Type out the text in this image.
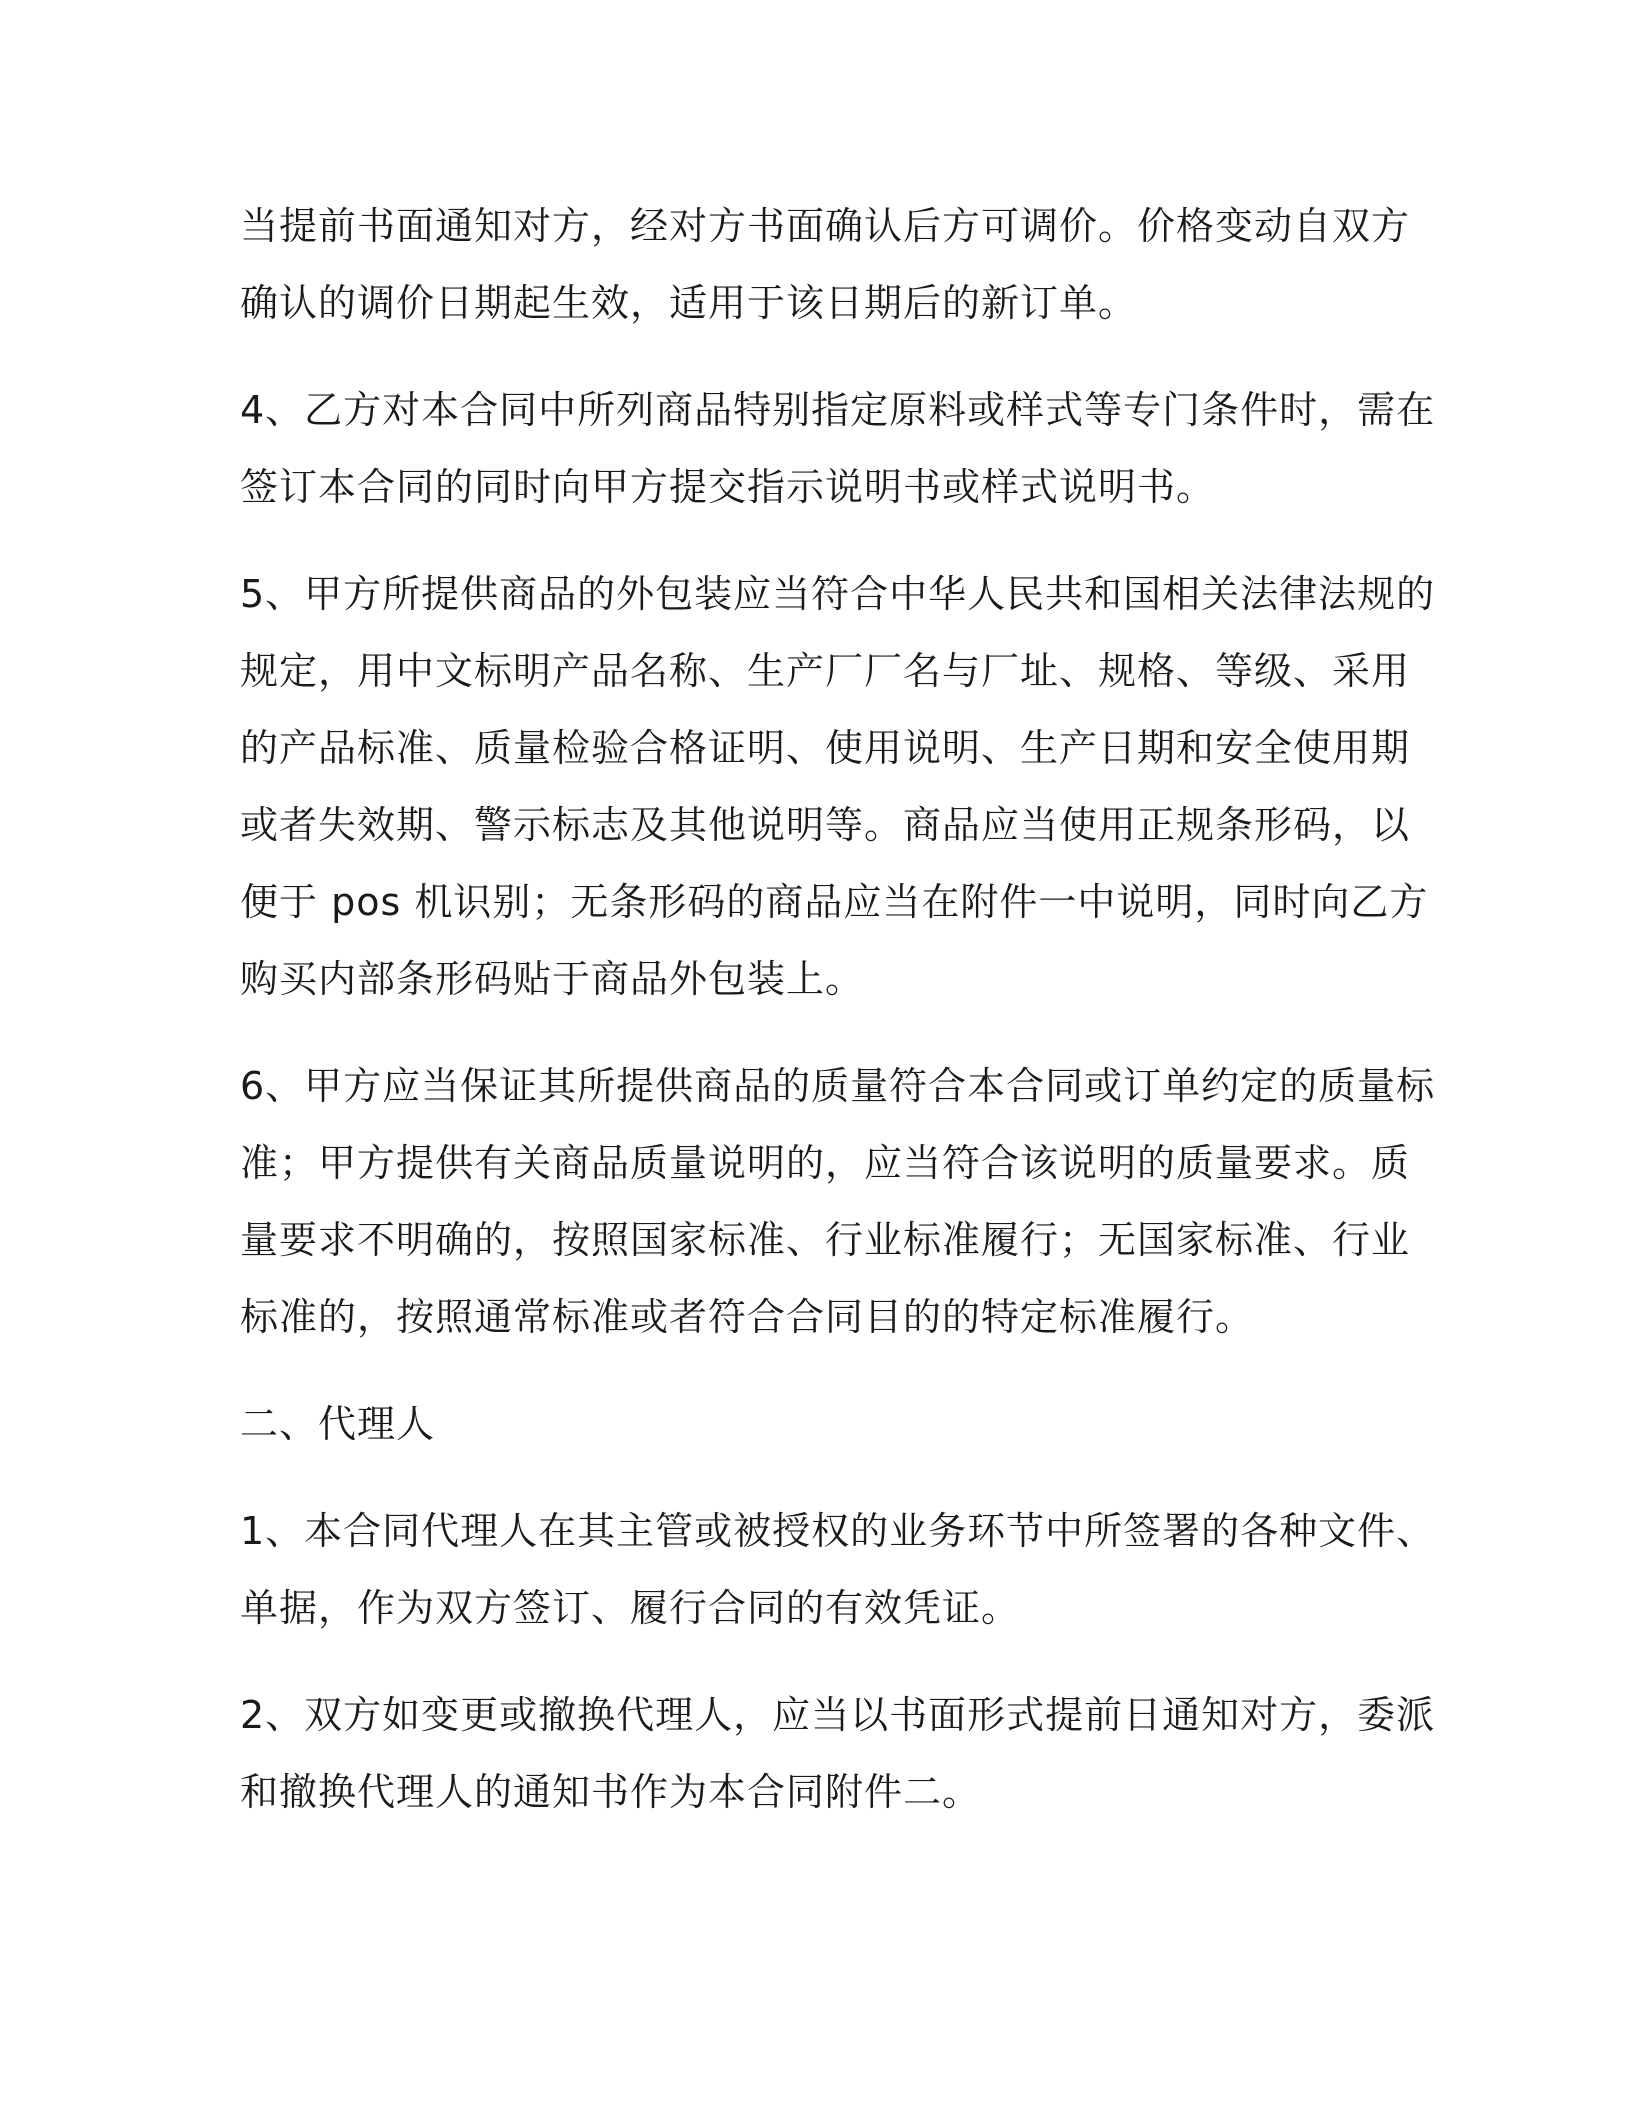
当提前书面通知对方，经对方书面确认后方可调价。价格变动自双方
确认的调价日期起生效，适用于该日期后的新订单。
4、乙方对本合同中所列商品特别指定原料或样式等专门条件时，需在
签订本合同的同时向甲方提交指示说明书或样式说明书。
5、甲方所提供商品的外包装应当符合中华人民共和国相关法律法规的
规定，用中文标明产品名称、生产厂厂名与厂址、规格、等级、采用
的产品标准、质量检验合格证明、使用说明、生产日期和安全使用期
或者失效期、警示标志及其他说明等。商品应当使用正规条形码，以
便于 pos 机识别；无条形码的商品应当在附件一中说明，同时向乙方
购买内部条形码贴于商品外包装上。
6、甲方应当保证其所提供商品的质量符合本合同或订单约定的质量标
准；甲方提供有关商品质量说明的，应当符合该说明的质量要求。质
量要求不明确的，按照国家标准、行业标准履行；无国家标准、行业
标准的，按照通常标准或者符合合同目的的特定标准履行。
二、代理人
1、本合同代理人在其主管或被授权的业务环节中所签署的各种文件、
单据，作为双方签订、履行合同的有效凭证。
2、双方如变更或撤换代理人，应当以书面形式提前日通知对方，委派
和撤换代理人的通知书作为本合同附件二。
